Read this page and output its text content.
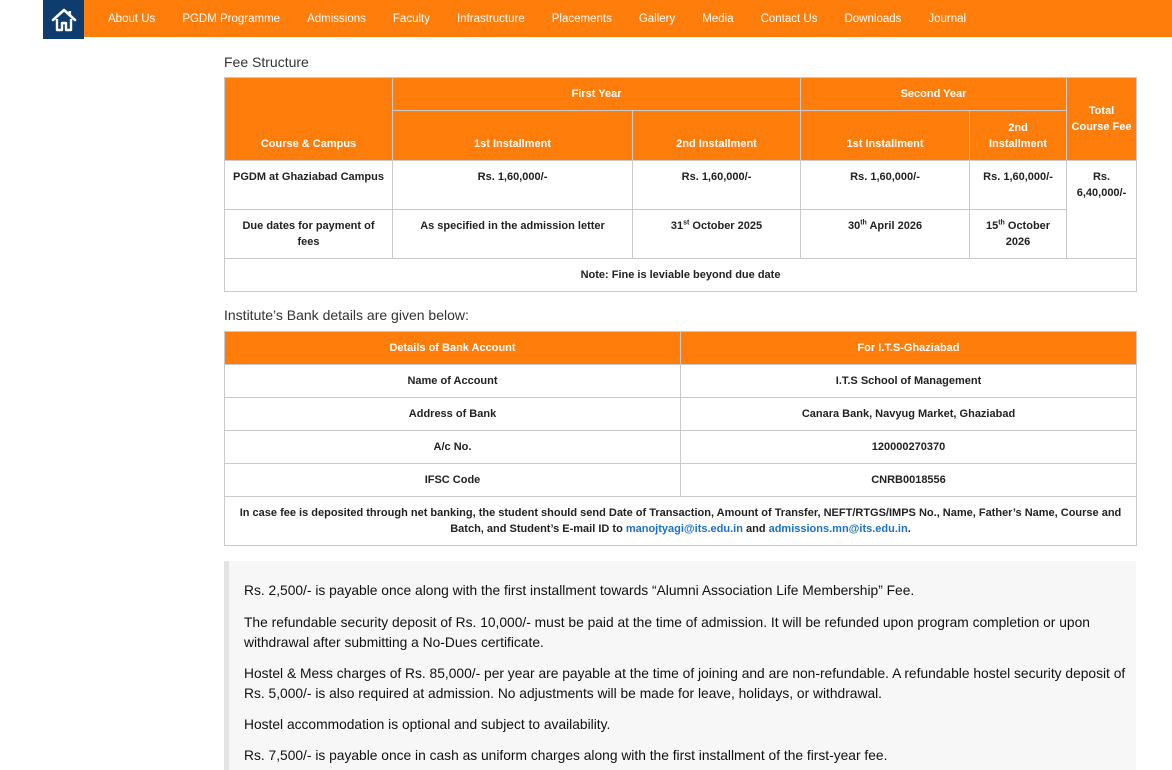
About Us PGDM Programme Admissions Faculty Infrastructure Placements Gallery Media Contact Us Downloads Journal
Fee Structure
Course & Campus	First Year		Second Year		Total Course Fee
	1st Installment	2nd Installment	1st Installment	2nd Installment	
PGDM at Ghaziabad Campus	Rs. 1,60,000/-	Rs. 1,60,000/-	Rs. 1,60,000/-	Rs. 1,60,000/-	Rs. 6,40,000/-
Due dates for payment of fees	As specified in the admission letter	31st October 2025	30th April 2026	15th October 2026	
Note: Fine is leviable beyond due date					
Institute’s Bank details are given below:
Details of Bank Account	For I.T.S-Ghaziabad
Name of Account	I.T.S School of Management
Address of Bank	Canara Bank, Navyug Market, Ghaziabad
A/c No.	120000270370
IFSC Code	CNRB0018556
In case fee is deposited through net banking, the student should send Date of Transaction, Amount of Transfer, NEFT/RTGS/IMPS No., Name, Father’s Name, Course and Batch, and Student’s E-mail ID to manojtyagi@its.edu.in and admissions.mn@its.edu.in.	

Rs. 2,500/- is payable once along with the first installment towards “Alumni Association Life Membership” Fee.

The refundable security deposit of Rs. 10,000/- must be paid at the time of admission. It will be refunded upon program completion or upon withdrawal after submitting a No-Dues certificate.

Hostel & Mess charges of Rs. 85,000/- per year are payable at the time of joining and are non-refundable. A refundable hostel security deposit of Rs. 5,000/- is also required at admission. No adjustments will be made for leave, holidays, or withdrawal.

Hostel accommodation is optional and subject to availability.

Rs. 7,500/- is payable once in cash as uniform charges along with the first installment of the first-year fee.
